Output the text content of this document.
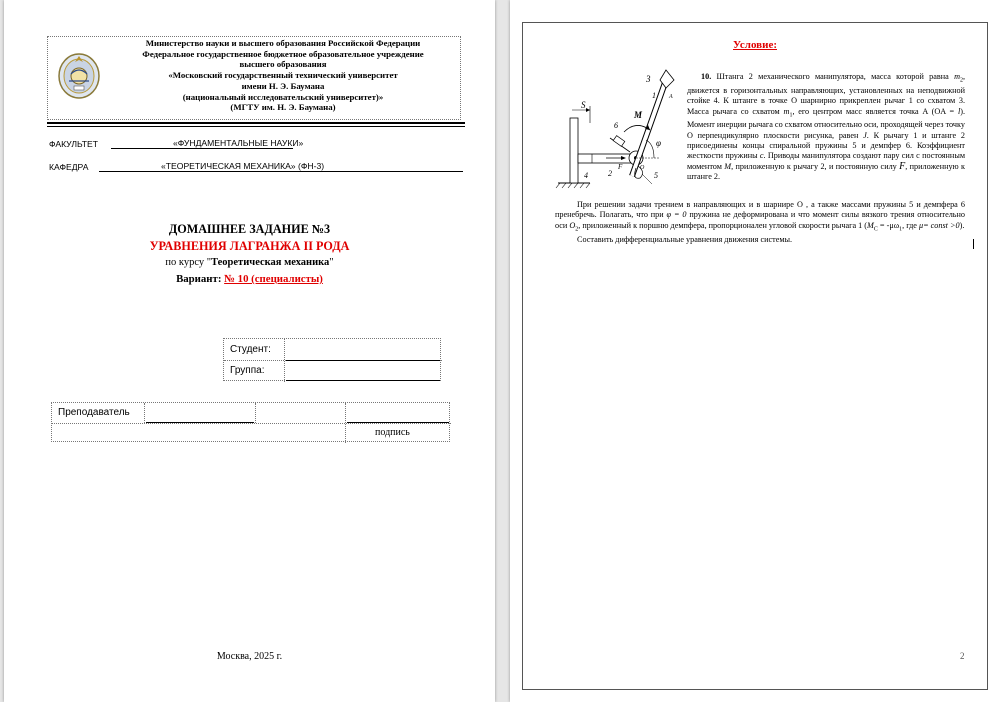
Министерство науки и высшего образования Российской Федерации
Федеральное государственное бюджетное образовательное учреждение
высшего образования
«Московский государственный технический университет
имени Н. Э. Баумана
(национальный исследовательский университет)»
(МГТУ им. Н. Э. Баумана)
ФАКУЛЬТЕТ	«ФУНДАМЕНТАЛЬНЫЕ НАУКИ»
КАФЕДРА	«ТЕОРЕТИЧЕСКАЯ МЕХАНИКА» (ФН-3)
ДОМАШНЕЕ ЗАДАНИЕ №3
УРАВНЕНИЯ ЛАГРАНЖА II РОДА
по курсу "Теоретическая механика"
Вариант: № 10 (специалисты)
Студент:
Группа:
Преподаватель
подпись
Москва, 2025 г.
Условие:
S
3
1 A
M
6
φ
F	O
2
4	5
10. Штанга 2 механического манипулятора, масса которой равна $m_2$, движется в горизонтальных направляющих, установленных на неподвижной стойке 4. К штанге в точке O шарнирно прикреплен рычаг 1 со схватом 3. Масса рычага со схватом $m_1$, его центром масс является точка A (OA = l). Момент инерции рычага со схватом относительно оси, проходящей через точку O перпендикулярно плоскости рисунка, равен J. К рычагу 1 и штанге 2 присоединены концы спиральной пружины 5 и демпфер 6. Коэффициент жесткости пружины c. Приводы манипулятора создают пару сил с постоянным моментом M, приложенную к рычагу 2, и постоянную силу F, приложенную к штанге 2.
При решении задачи трением в направляющих и в шарнире O , а также массами пружины 5 и демпфера 6 пренебречь. Полагать, что при φ = 0 пружина не деформирована и что момент силы вязкого трения относительно оси $O_2$, приложенный к поршню демпфера, пропорционален угловой скорости рычага 1 ($M_C = -\mu\omega_1$, где μ= const >0).
Составить дифференциальные уравнения движения системы.
2
